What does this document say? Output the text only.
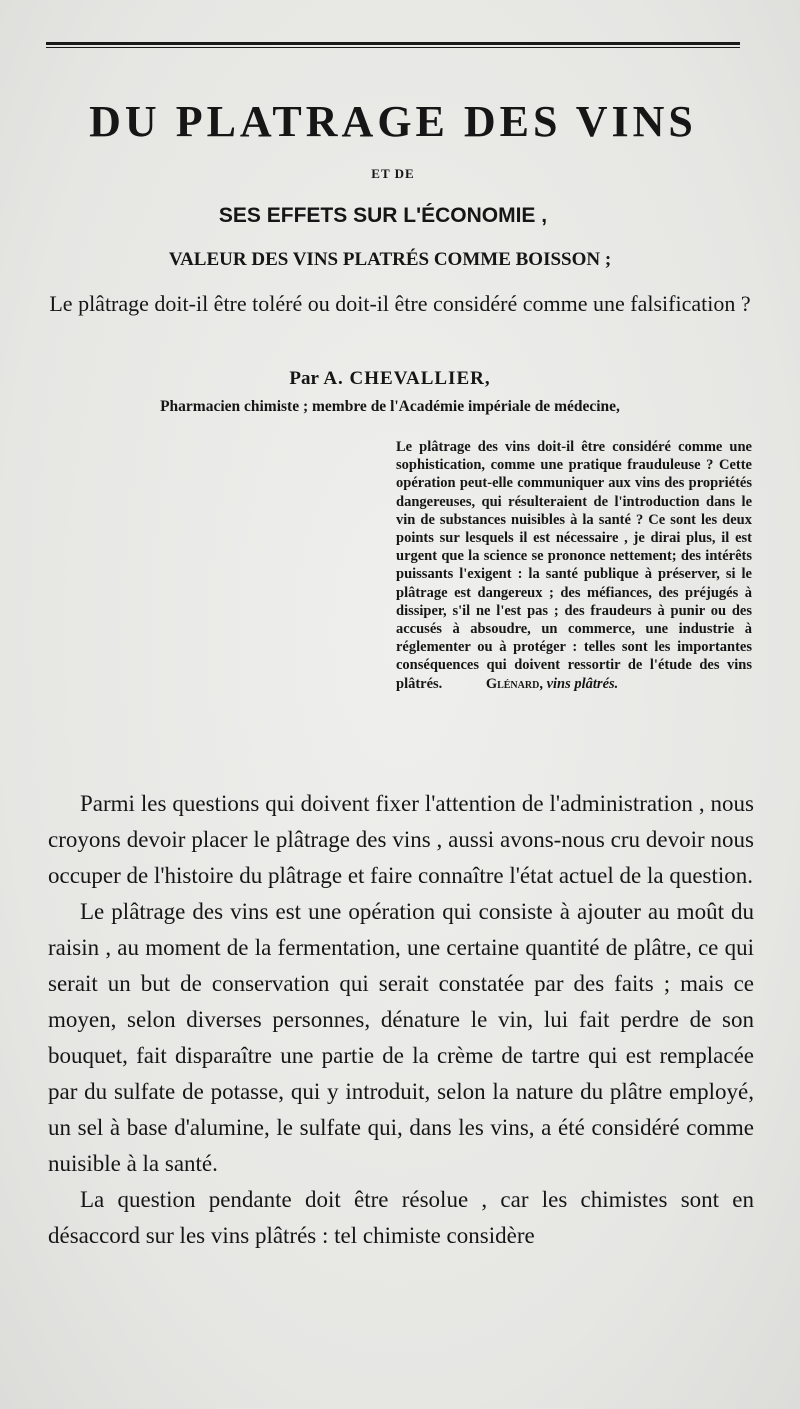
DU PLATRAGE DES VINS
ET DE
SES EFFETS SUR L'ÉCONOMIE ,
VALEUR DES VINS PLATRÉS COMME BOISSON ;
Le plâtrage doit-il être toléré ou doit-il être considéré comme une falsification ?
Par A. CHEVALLIER,
Pharmacien chimiste ; membre de l'Académie impériale de médecine,
Le plâtrage des vins doit-il être considéré comme une sophistication, comme une pratique frauduleuse ? Cette opération peut-elle communiquer aux vins des propriétés dangereuses, qui résulteraient de l'introduction dans le vin de substances nuisibles à la santé ? Ce sont les deux points sur lesquels il est nécessaire , je dirai plus, il est urgent que la science se prononce nettement; des intérêts puissants l'exigent : la santé publique à préserver, si le plâtrage est dangereux ; des méfiances, des préjugés à dissiper, s'il ne l'est pas ; des fraudeurs à punir ou des accusés à absoudre, un commerce, une industrie à réglementer ou à protéger : telles sont les importantes conséquences qui doivent ressortir de l'étude des vins plâtrés.	Glénard, vins plâtrés.

Parmi les questions qui doivent fixer l'attention de l'administration , nous croyons devoir placer le plâtrage des vins , aussi avons-nous cru devoir nous occuper de l'histoire du plâtrage et faire connaître l'état actuel de la question.

Le plâtrage des vins est une opération qui consiste à ajouter au moût du raisin , au moment de la fermentation, une certaine quantité de plâtre, ce qui serait un but de conservation qui serait constatée par des faits ; mais ce moyen, selon diverses personnes, dénature le vin, lui fait perdre de son bouquet, fait disparaître une partie de la crème de tartre qui est remplacée par du sulfate de potasse, qui y introduit, selon la nature du plâtre employé, un sel à base d'alumine, le sulfate qui, dans les vins, a été considéré comme nuisible à la santé.

La question pendante doit être résolue , car les chimistes sont en désaccord sur les vins plâtrés : tel chimiste considère
